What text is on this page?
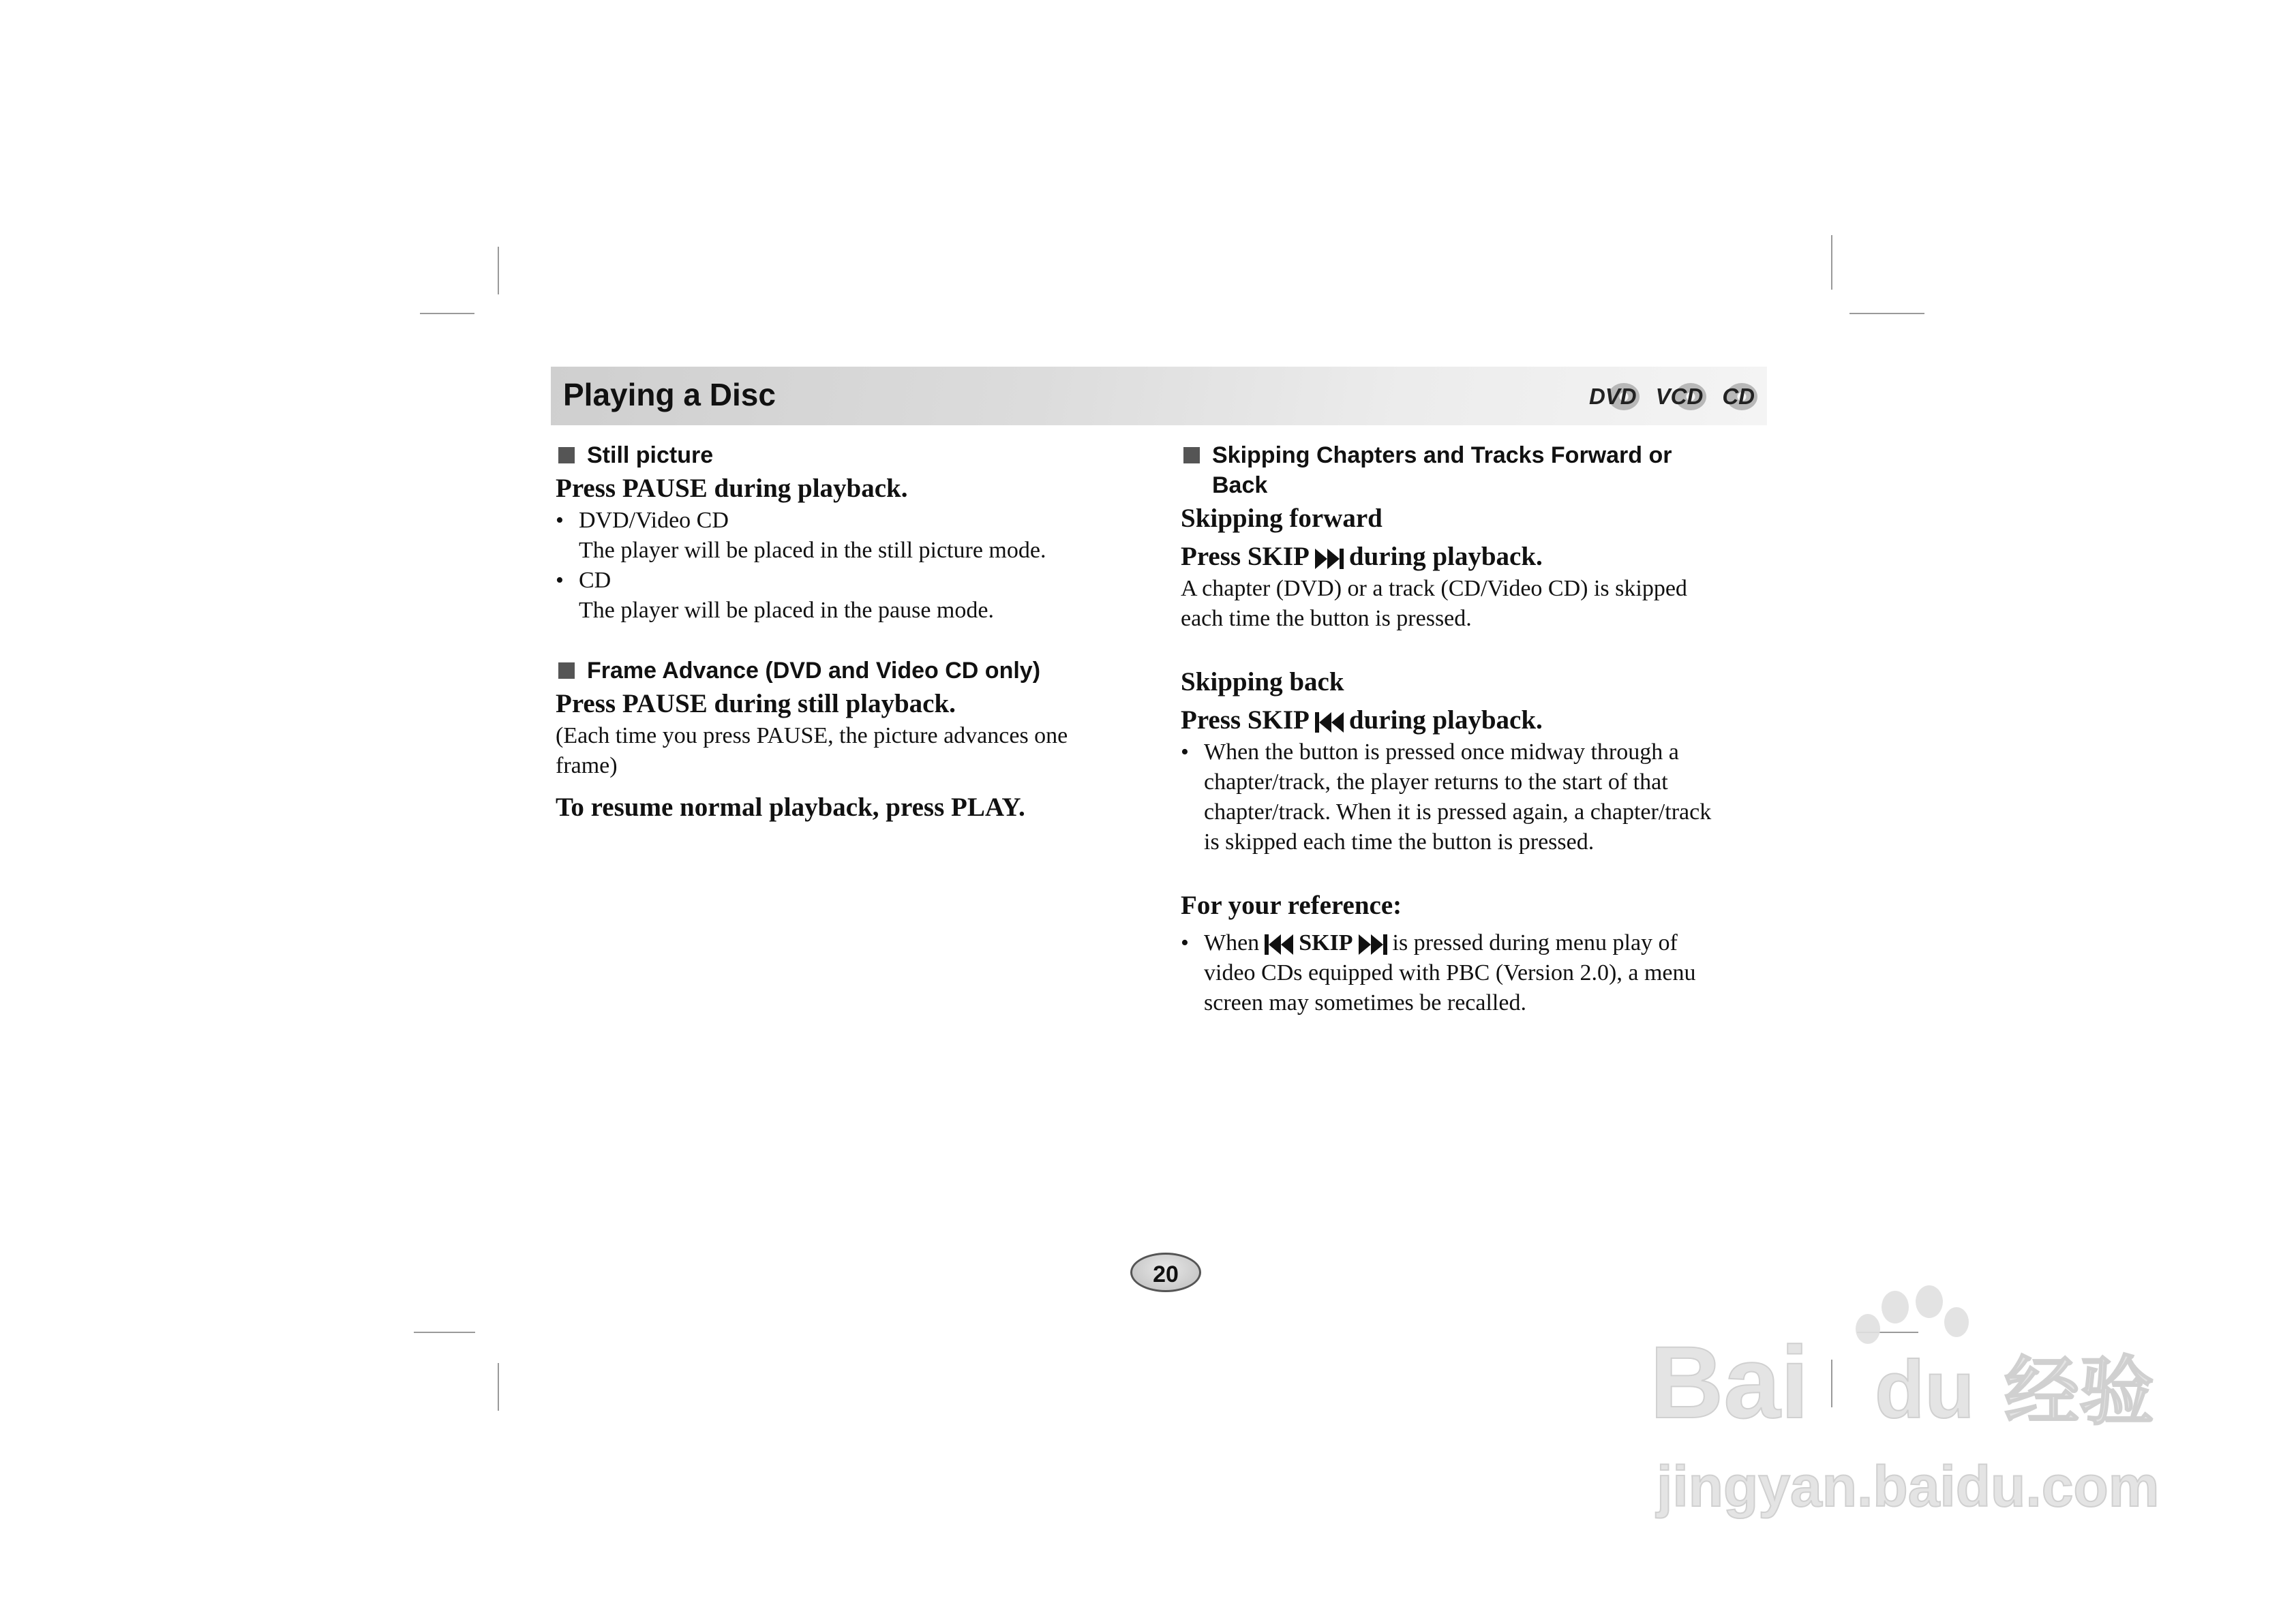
Playing a Disc	DVD VCD CD
Still picture
Press PAUSE during playback.
• DVD/Video CD
The player will be placed in the still picture mode.
• CD
The player will be placed in the pause mode.
Frame Advance (DVD and Video CD only)
Press PAUSE during still playback.
(Each time you press PAUSE, the picture advances one
frame)
To resume normal playback, press PLAY.
Skipping Chapters and Tracks Forward or
Back
Skipping forward
Press SKIP during playback.
A chapter (DVD) or a track (CD/Video CD) is skipped
each time the button is pressed.
Skipping back
Press SKIP during playback.
• When the button is pressed once midway through a
chapter/track, the player returns to the start of that
chapter/track. When it is pressed again, a chapter/track
is skipped each time the button is pressed.
For your reference:
• When SKIP is pressed during menu play of
video CDs equipped with PBC (Version 2.0), a menu
screen may sometimes be recalled.
20
Bai du 经验
jingyan.baidu.com
